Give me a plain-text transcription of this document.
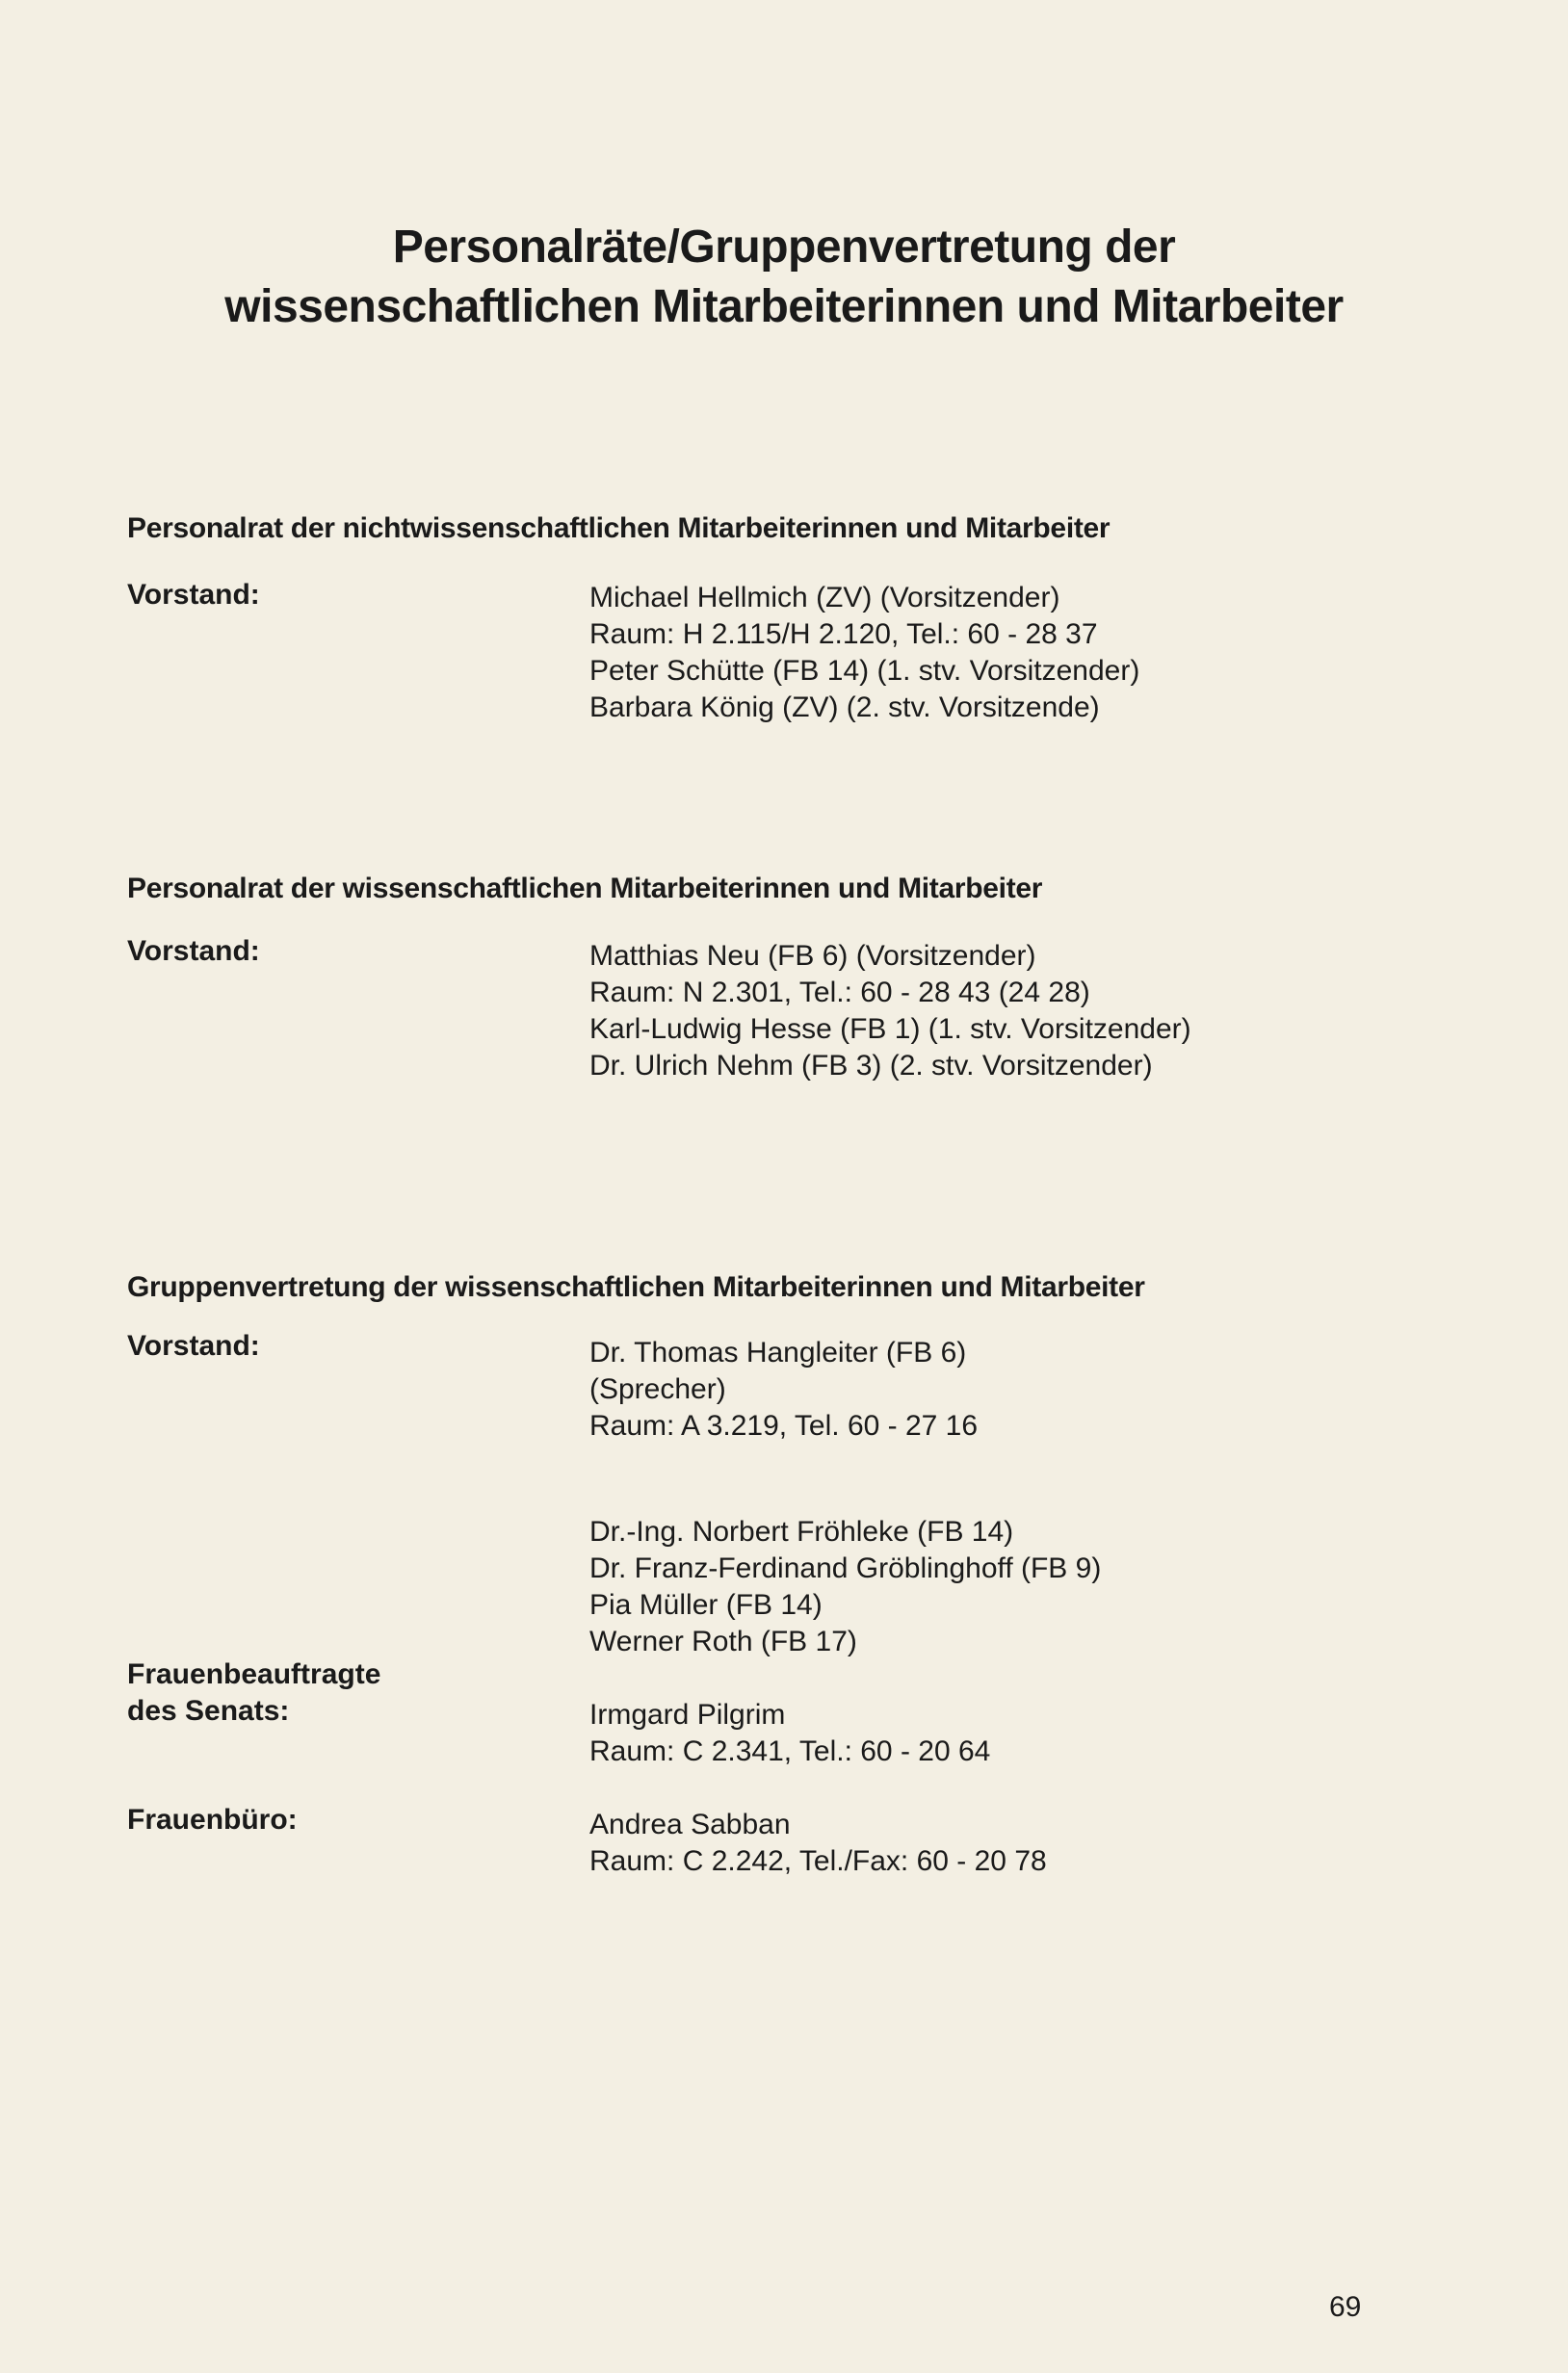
Personalräte/Gruppenvertretung der
wissenschaftlichen Mitarbeiterinnen und Mitarbeiter
Personalrat der nichtwissenschaftlichen Mitarbeiterinnen und Mitarbeiter
Vorstand:	Michael Hellmich (ZV) (Vorsitzender)
Raum: H 2.115/H 2.120, Tel.: 60 - 28 37
Peter Schütte (FB 14) (1. stv. Vorsitzender)
Barbara König (ZV) (2. stv. Vorsitzende)
Personalrat der wissenschaftlichen Mitarbeiterinnen und Mitarbeiter
Vorstand:	Matthias Neu (FB 6) (Vorsitzender)
Raum: N 2.301, Tel.: 60 - 28 43 (24 28)
Karl-Ludwig Hesse (FB 1) (1. stv. Vorsitzender)
Dr. Ulrich Nehm (FB 3) (2. stv. Vorsitzender)
Gruppenvertretung der wissenschaftlichen Mitarbeiterinnen und Mitarbeiter
Vorstand:	Dr. Thomas Hangleiter (FB 6)
(Sprecher)
Raum: A 3.219, Tel. 60 - 27 16
Dr.-Ing. Norbert Fröhleke (FB 14)
Dr. Franz-Ferdinand Gröblinghoff (FB 9)
Pia Müller (FB 14)
Werner Roth (FB 17)
Frauenbeauftragte
des Senats:	Irmgard Pilgrim
Raum: C 2.341, Tel.: 60 - 20 64
Frauenbüro:	Andrea Sabban
Raum: C 2.242, Tel./Fax: 60 - 20 78
69
